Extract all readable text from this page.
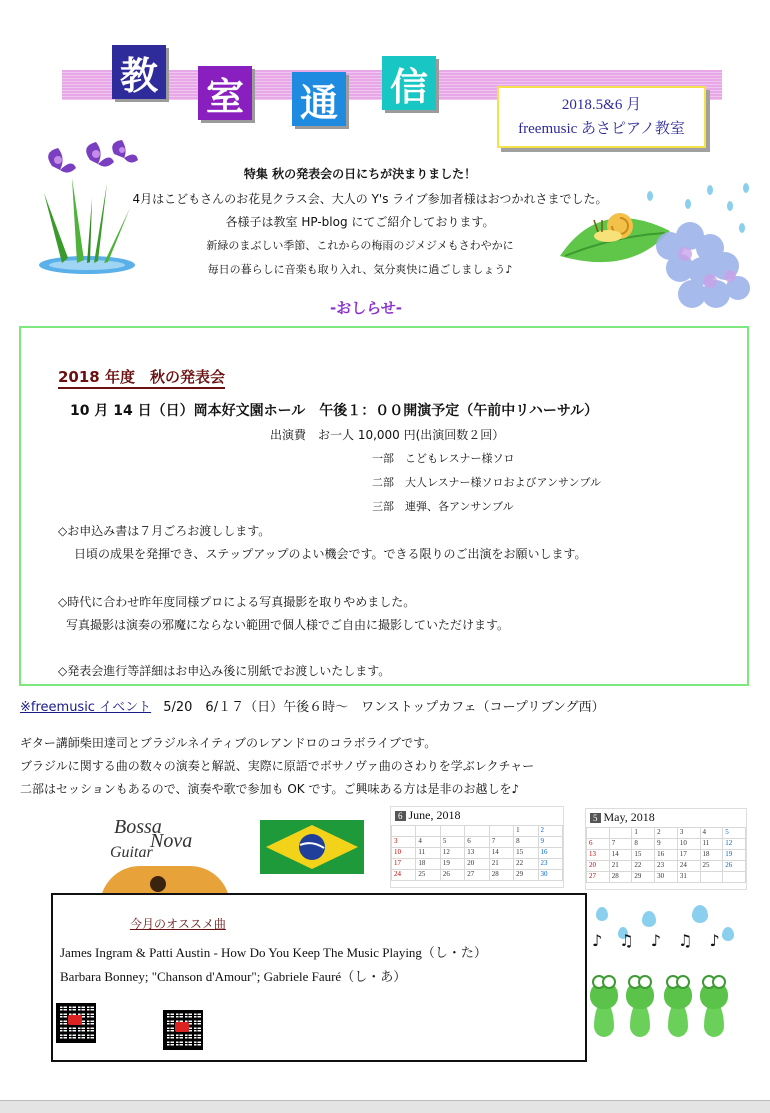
教 室 通 信	2018.5&6 月
freemusic あさピアノ教室
特集 秋の発表会の日にちが決まりました！
4月はこどもさんのお花見クラス会、大人の Y's ライブ参加者様はおつかれさまでした。
各様子は教室 HP-blog にてご紹介しております。
新緑のまぶしい季節、これからの梅雨のジメジメもさわやかに
毎日の暮らしに音楽も取り入れ、気分爽快に過ごしましょう♪
-おしらせ-
2018 年度　秋の発表会
10 月 14 日（日）岡本好文園ホール　午後１：００開演予定（午前中リハーサル）
出演費　お一人 10,000 円(出演回数２回）
一部　こどもレスナー様ソロ
二部　大人レスナー様ソロおよびアンサンブル
三部　連弾、各アンサンブル
◇お申込み書は７月ごろお渡しします。
日頃の成果を発揮でき、ステップアップのよい機会です。できる限りのご出演をお願いします。
◇時代に合わせ昨年度同様プロによる写真撮影を取りやめました。
写真撮影は演奏の邪魔にならない範囲で個人様でご自由に撮影していただけます。
◇発表会進行等詳細はお申込み後に別紙でお渡しいたします。
※freemusic イベント 5/20　6/１７（日）午後６時〜　ワンストップカフェ（コープリブング西）
ギター講師柴田達司とブラジルネイティブのレアンドロのコラボライブです。
ブラジルに関する曲の数々の演奏と解説、実際に原語でボサノヴァ曲のさわりを学ぶレクチャー
二部はセッションもあるので、演奏や歌で参加も OK です。ご興味ある方は是非のお越しを♪
Bossa
Nova
Guitar
6 June, 2018
					1	2
3	4	5	6	7	8	9
10	11	12	13	14	15	16
17	18	19	20	21	22	23
24	25	26	27	28	29	30
5 May, 2018
		1	2	3	4	5
6	7	8	9	10	11	12
13	14	15	16	17	18	19
20	21	22	23	24	25	26
27	28	29	30	31		
今月のオススメ曲
James Ingram & Patti Austin - How Do You Keep The Music Playing（し・た）
Barbara Bonney; "Chanson d'Amour"; Gabriele Fauré（し・あ）
♪ ♫ ♪ ♫ ♪
